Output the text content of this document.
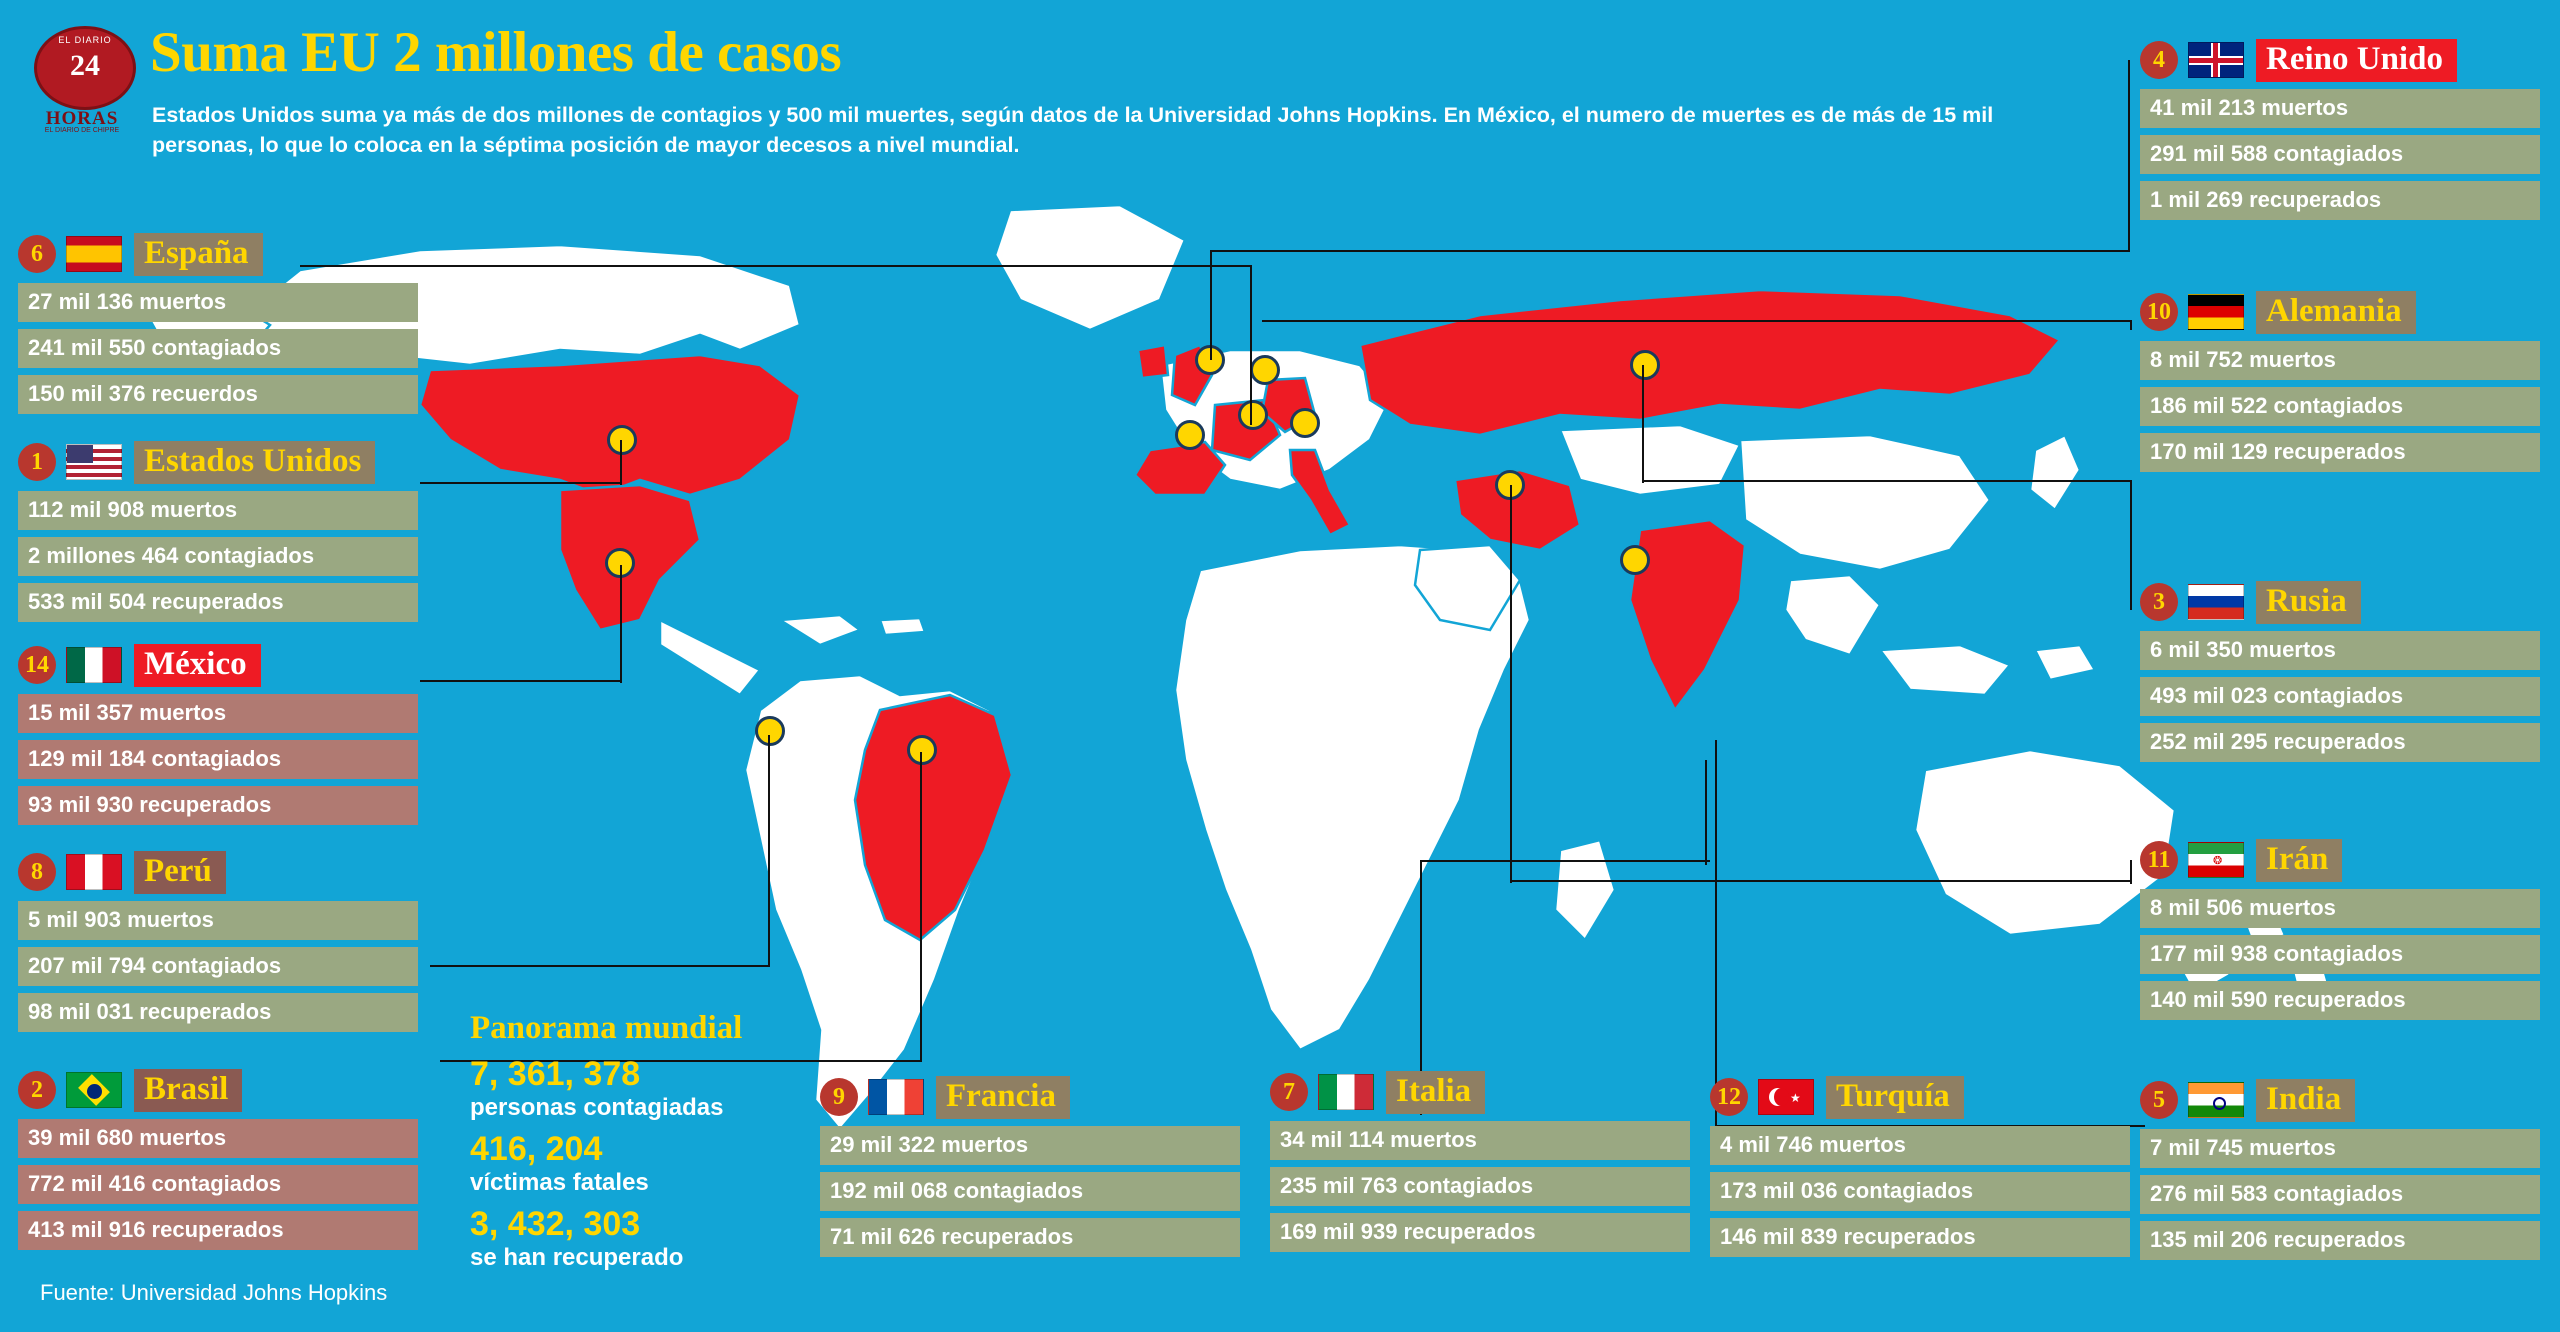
EL DIARIO
24
HORAS
EL DIARIO DE CHIPRE
Suma EU 2 millones de casos
Estados Unidos suma ya más de dos millones de contagios y 500 mil muertes, según datos de la Universidad Johns Hopkins. En México, el numero de muertes es de más de 15 mil personas, lo que lo coloca en la séptima posición de mayor decesos a nivel mundial.
6	España
27 mil 136 muertos
241 mil 550 contagiados
150 mil 376 recuerdos
1	Estados Unidos
112 mil 908 muertos
2 millones 464 contagiados
533 mil 504 recuperados
14	México
15 mil 357 muertos
129 mil 184 contagiados
93 mil 930 recuperados
8	Perú
5 mil 903 muertos
207 mil 794 contagiados
98 mil 031 recuperados
2	Brasil
39 mil 680 muertos
772 mil 416 contagiados
413 mil 916 recuperados
Panorama mundial
7, 361, 378
personas contagiadas
416, 204
víctimas fatales
3, 432, 303
se han recuperado
9	Francia
29 mil 322 muertos
192 mil 068 contagiados
71 mil 626 recuperados
7	Italia
34 mil 114 muertos
235 mil 763 contagiados
169 mil 939 recuperados
12	★	Turquía
4 mil 746 muertos
173 mil 036 contagiados
146 mil 839 recuperados
5	India
7 mil 745 muertos
276 mil 583 contagiados
135 mil 206 recuperados
4	Reino Unido
41 mil 213 muertos
291 mil 588 contagiados
1 mil 269 recuperados
10	Alemania
8 mil 752 muertos
186 mil 522 contagiados
170 mil 129 recuperados
3	Rusia
6 mil 350 muertos
493 mil 023 contagiados
252 mil 295 recuperados
11	❂	Irán
8 mil 506 muertos
177 mil 938 contagiados
140 mil 590 recuperados
Fuente: Universidad Johns Hopkins
